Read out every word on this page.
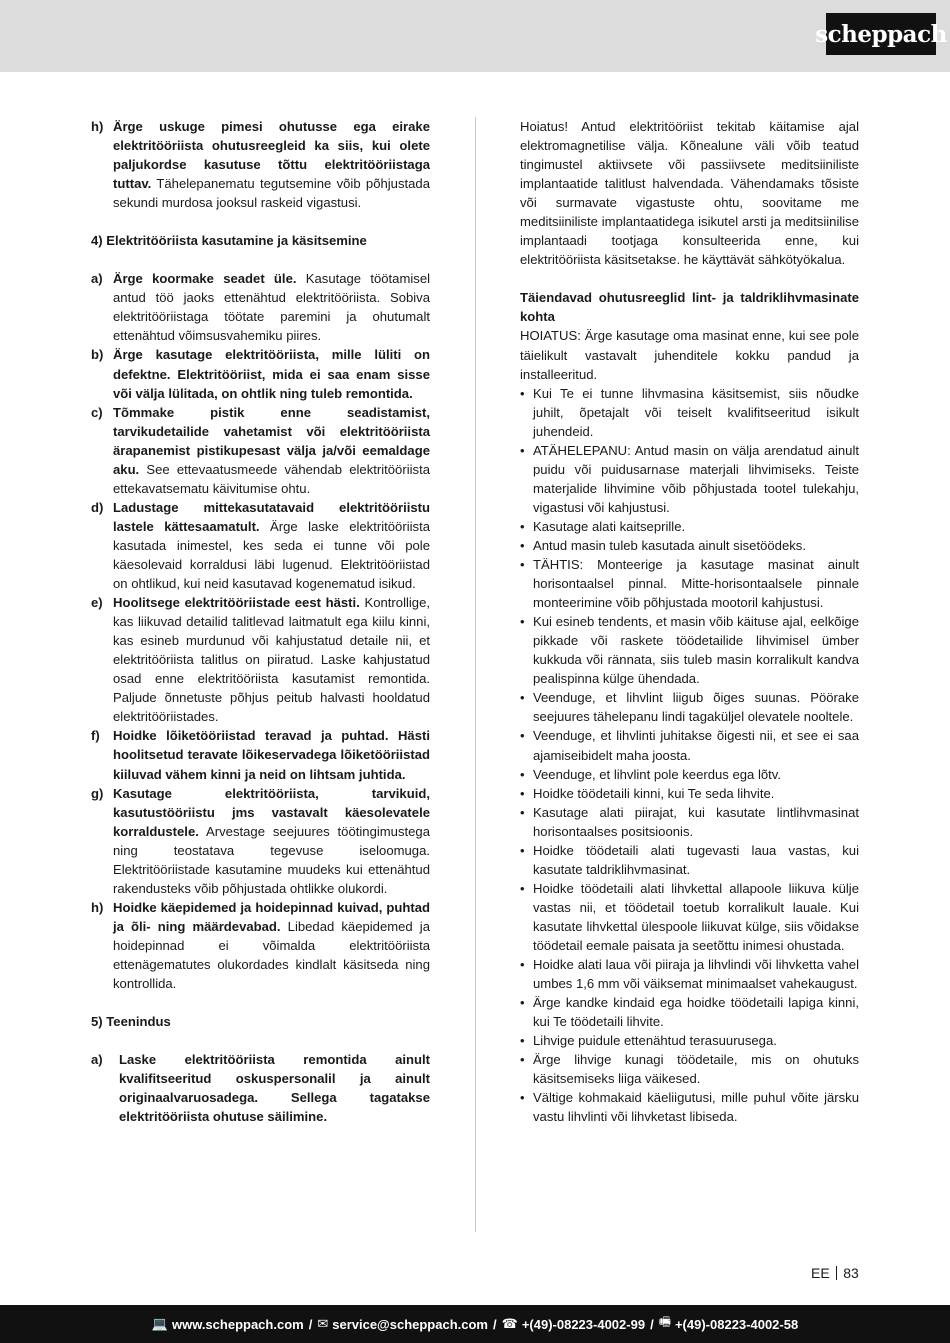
scheppach
h) Ärge uskuge pimesi ohutusse ega eirake elektritööriista ohutusreegleid ka siis, kui olete paljukordse kasutuse tõttu elektritööriistaga tuttav. Tähelepanematu tegutsemine võib põhjustada sekundi murdosa jooksul raskeid vigastusi.
4) Elektritööriista kasutamine ja käsitsemine
a) Ärge koormake seadet üle. Kasutage töötamisel antud töö jaoks ettenähtud elektritööriista. Sobiva elektritööriistaga töötate paremini ja ohutumalt ettenähtud võimsusvahemiku piires.
b) Ärge kasutage elektritööriista, mille lüliti on defektne. Elektritööriist, mida ei saa enam sisse või välja lülitada, on ohtlik ning tuleb remontida.
c) Tõmmake pistik enne seadistamist, tarvikudetailide vahetamist või elektritööriista ärapanemist pistikupesast välja ja/või eemaldage aku. See ettevaatusmeede vähendab elektritööriista ettekavatsematu käivitumise ohtu.
d) Ladustage mittekasutatavaid elektritööriistu lastele kättesaamatult. Ärge laske elektritööriista kasutada inimestel, kes seda ei tunne või pole käesolevaid korraldusi läbi lugenud. Elektritööriistad on ohtlikud, kui neid kasutavad kogenematud isikud.
e) Hoolitsege elektritööriistade eest hästi. Kontrollige, kas liikuvad detailid talitlevad laitmatult ega kiilu kinni, kas esineb murdunud või kahjustatud detaile nii, et elektritööriista talitlus on piiratud. Laske kahjustatud osad enne elektritööriista kasutamist remontida. Paljude õnnetuste põhjus peitub halvasti hooldatud elektritööriistades.
f) Hoidke lõiketööriistad teravad ja puhtad. Hästi hoolitsetud teravate lõikeservadega lõiketööriistad kiiluvad vähem kinni ja neid on lihtsam juhtida.
g) Kasutage elektritööriista, tarvikuid, kasutustööriistu jms vastavalt käesolevatele korraldustele. Arvestage seejuures töötingimustega ning teostatava tegevuse iseloomuga. Elektritööriistade kasutamine muudeks kui ettenähtud rakendusteks võib põhjustada ohtlikke olukordi.
h) Hoidke käepidemed ja hoidepinnad kuivad, puhtad ja õli- ning määrdevabad. Libedad käepidemed ja hoidepinnad ei võimalda elektritööriista ettenägematutes olukordades kindlalt käsitseda ning kontrollida.
5) Teenindus
a) Laske elektritööriista remontida ainult kvalifitseeritud oskuspersonalil ja ainult originaalvaruosadega. Sellega tagatakse elektritööriista ohutuse säilimine.
Hoiatus! Antud elektritööriist tekitab käitamise ajal elektromagnetilise välja. Kõnealune väli võib teatud tingimustel aktiivsete või passiivsete meditsiiniliste implantaatide talitlust halvendada. Vähendamaks tõsiste või surmavate vigastuste ohtu, soovitame me meditsiiniliste implantaatidega isikutel arsti ja meditsiinilise implantaadi tootjaga konsulteerida enne, kui elektritööriista käsitsetakse. he käyttävät sähkötyökalua.
Täiendavad ohutusreeglid lint- ja taldriklihvmasinate kohta
HOIATUS: Ärge kasutage oma masinat enne, kui see pole täielikult vastavalt juhenditele kokku pandud ja installeeritud.
• Kui Te ei tunne lihvmasina käsitsemist, siis nõudke juhilt, õpetajalt või teiselt kvalifitseeritud isikult juhendeid.
• ATÄHELEPANU: Antud masin on välja arendatud ainult puidu või puidusarnase materjali lihvimiseks. Teiste materjalide lihvimine võib põhjustada tootel tulekahju, vigastusi või kahjustusi.
• Kasutage alati kaitseprille.
• Antud masin tuleb kasutada ainult sisetöödeks.
• TÄHTIS: Monteerige ja kasutage masinat ainult horisontaalsel pinnal. Mitte-horisontaalsele pinnale monteerimine võib põhjustada mootoril kahjustusi.
• Kui esineb tendents, et masin võib käituse ajal, eelkõige pikkade või raskete töödetailide lihvimisel ümber kukkuda või rännata, siis tuleb masin korralikult kandva pealispinna külge ühendada.
• Veenduge, et lihvlint liigub õiges suunas. Pöörake seejuures tähelepanu lindi tagaküljel olevatele nooltele.
• Veenduge, et lihvlinti juhitakse õigesti nii, et see ei saa ajamiseibidelt maha joosta.
• Veenduge, et lihvlint pole keerdus ega lõtv.
• Hoidke töödetaili kinni, kui Te seda lihvite.
• Kasutage alati piirajat, kui kasutate lintlihvmasinat horisontaalses positsioonis.
• Hoidke töödetaili alati tugevasti laua vastas, kui kasutate taldriklihvmasinat.
• Hoidke töödetaili alati lihvkettal allapoole liikuva külje vastas nii, et töödetail toetub korralikult lauale. Kui kasutate lihvkettal ülespoole liikuvat külge, siis võidakse töödetail eemale paisata ja seetõttu inimesi ohustada.
• Hoidke alati laua või piiraja ja lihvlindi või lihvketta vahel umbes 1,6 mm või väiksemat minimaalset vahekaugust.
• Ärge kandke kindaid ega hoidke töödetaili lapiga kinni, kui Te töödetaili lihvite.
• Lihvige puidule ettenähtud terasuurusega.
• Ärge lihvige kunagi töödetaile, mis on ohutuks käsitsemiseks liiga väikesed.
• Vältige kohmakaid käeliigutusi, mille puhul võite järsku vastu lihvlinti või lihvketast libiseda.
EE 83
💻 www.scheppach.com / ✉ service@scheppach.com / ☎ +(49)-08223-4002-99 / 🖷 +(49)-08223-4002-58
